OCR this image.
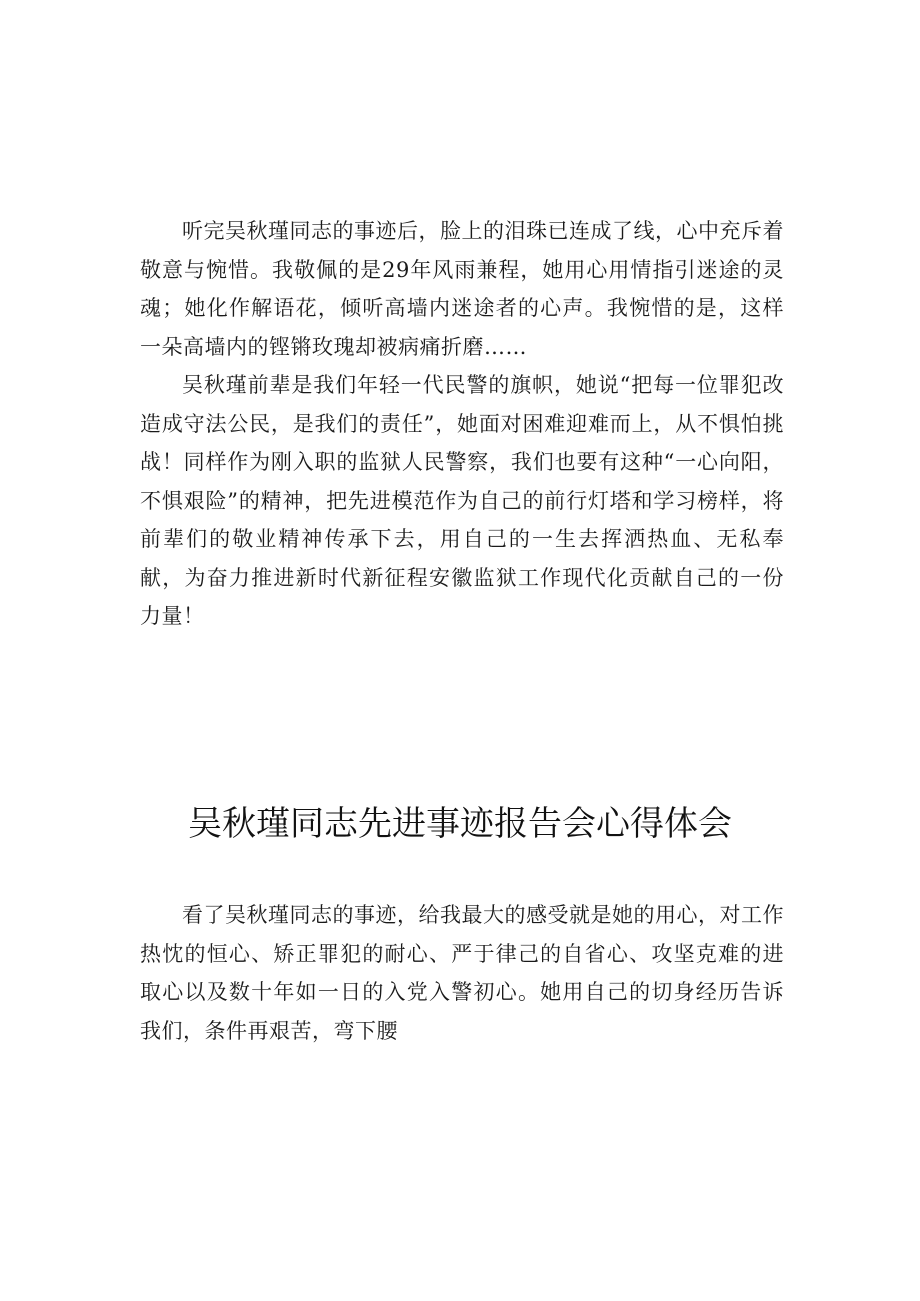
听完吴秋瑾同志的事迹后，脸上的泪珠已连成了线，心中充斥着敬意与惋惜。我敬佩的是29年风雨兼程，她用心用情指引迷途的灵魂；她化作解语花，倾听高墙内迷途者的心声。我惋惜的是，这样一朵高墙内的铿锵玫瑰却被病痛折磨……

吴秋瑾前辈是我们年轻一代民警的旗帜，她说“把每一位罪犯改造成守法公民，是我们的责任”，她面对困难迎难而上，从不惧怕挑战！同样作为刚入职的监狱人民警察，我们也要有这种“一心向阳，不惧艰险”的精神，把先进模范作为自己的前行灯塔和学习榜样，将前辈们的敬业精神传承下去，用自己的一生去挥洒热血、无私奉献，为奋力推进新时代新征程安徽监狱工作现代化贡献自己的一份力量！

吴秋瑾同志先进事迹报告会心得体会

看了吴秋瑾同志的事迹，给我最大的感受就是她的用心，对工作热忱的恒心、矫正罪犯的耐心、严于律己的自省心、攻坚克难的进取心以及数十年如一日的入党入警初心。她用自己的切身经历告诉我们，条件再艰苦，弯下腰
